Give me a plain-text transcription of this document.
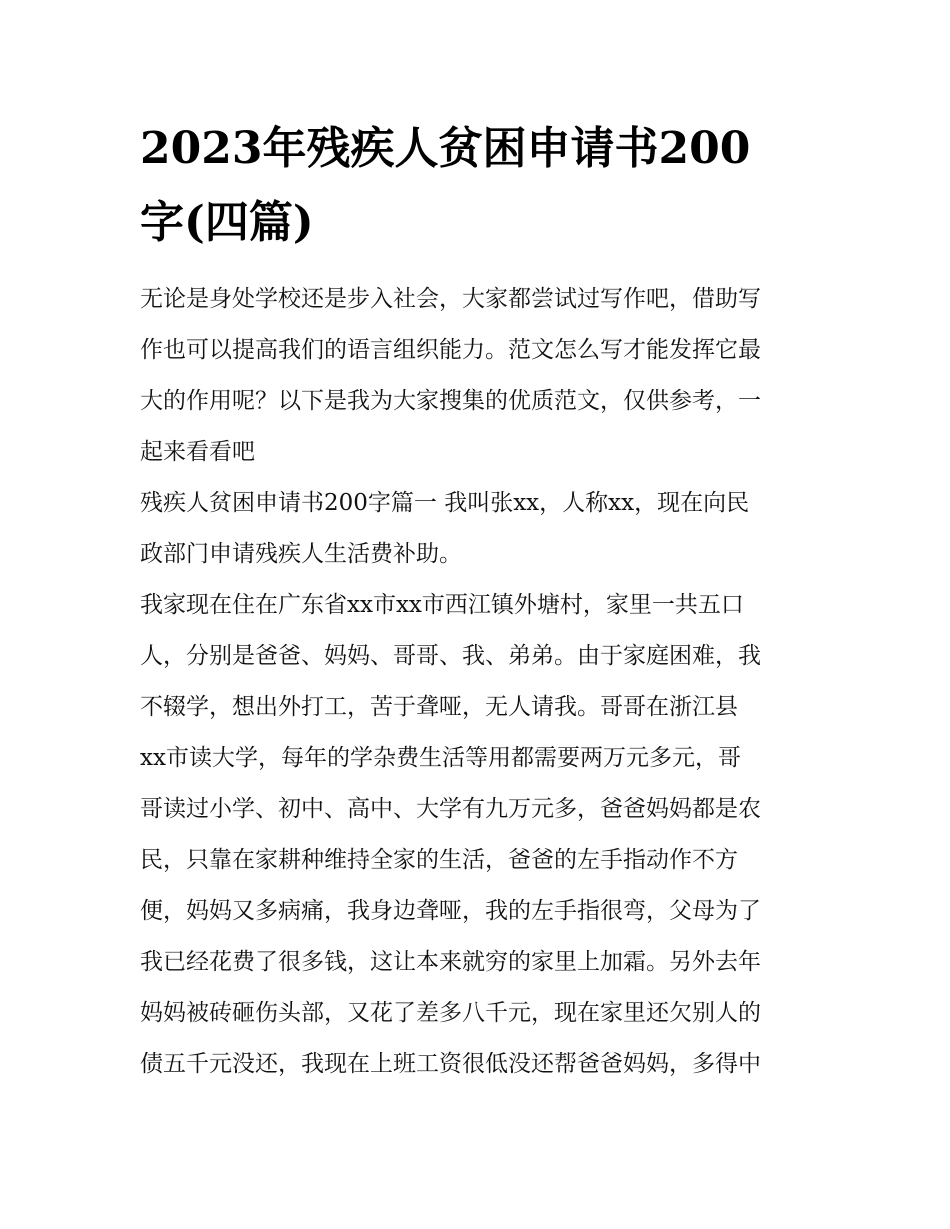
2023年残疾人贫困申请书200
字(四篇)

无论是身处学校还是步入社会，大家都尝试过写作吧，借助写
作也可以提高我们的语言组织能力。范文怎么写才能发挥它最
大的作用呢？以下是我为大家搜集的优质范文，仅供参考，一
起来看看吧

残疾人贫困申请书200字篇一 我叫张xx，人称xx，现在向民
政部门申请残疾人生活费补助。

我家现在住在广东省xx市xx市西江镇外塘村，家里一共五口
人，分别是爸爸、妈妈、哥哥、我、弟弟。由于家庭困难，我
不辍学，想出外打工，苦于聋哑，无人请我。哥哥在浙江县
xx市读大学，每年的学杂费生活等用都需要两万元多元，哥
哥读过小学、初中、高中、大学有九万元多，爸爸妈妈都是农
民，只靠在家耕种维持全家的生活，爸爸的左手指动作不方
便，妈妈又多病痛，我身边聋哑，我的左手指很弯，父母为了
我已经花费了很多钱，这让本来就穷的家里上加霜。另外去年
妈妈被砖砸伤头部，又花了差多八千元，现在家里还欠别人的
债五千元没还，我现在上班工资很低没还帮爸爸妈妈，多得中
